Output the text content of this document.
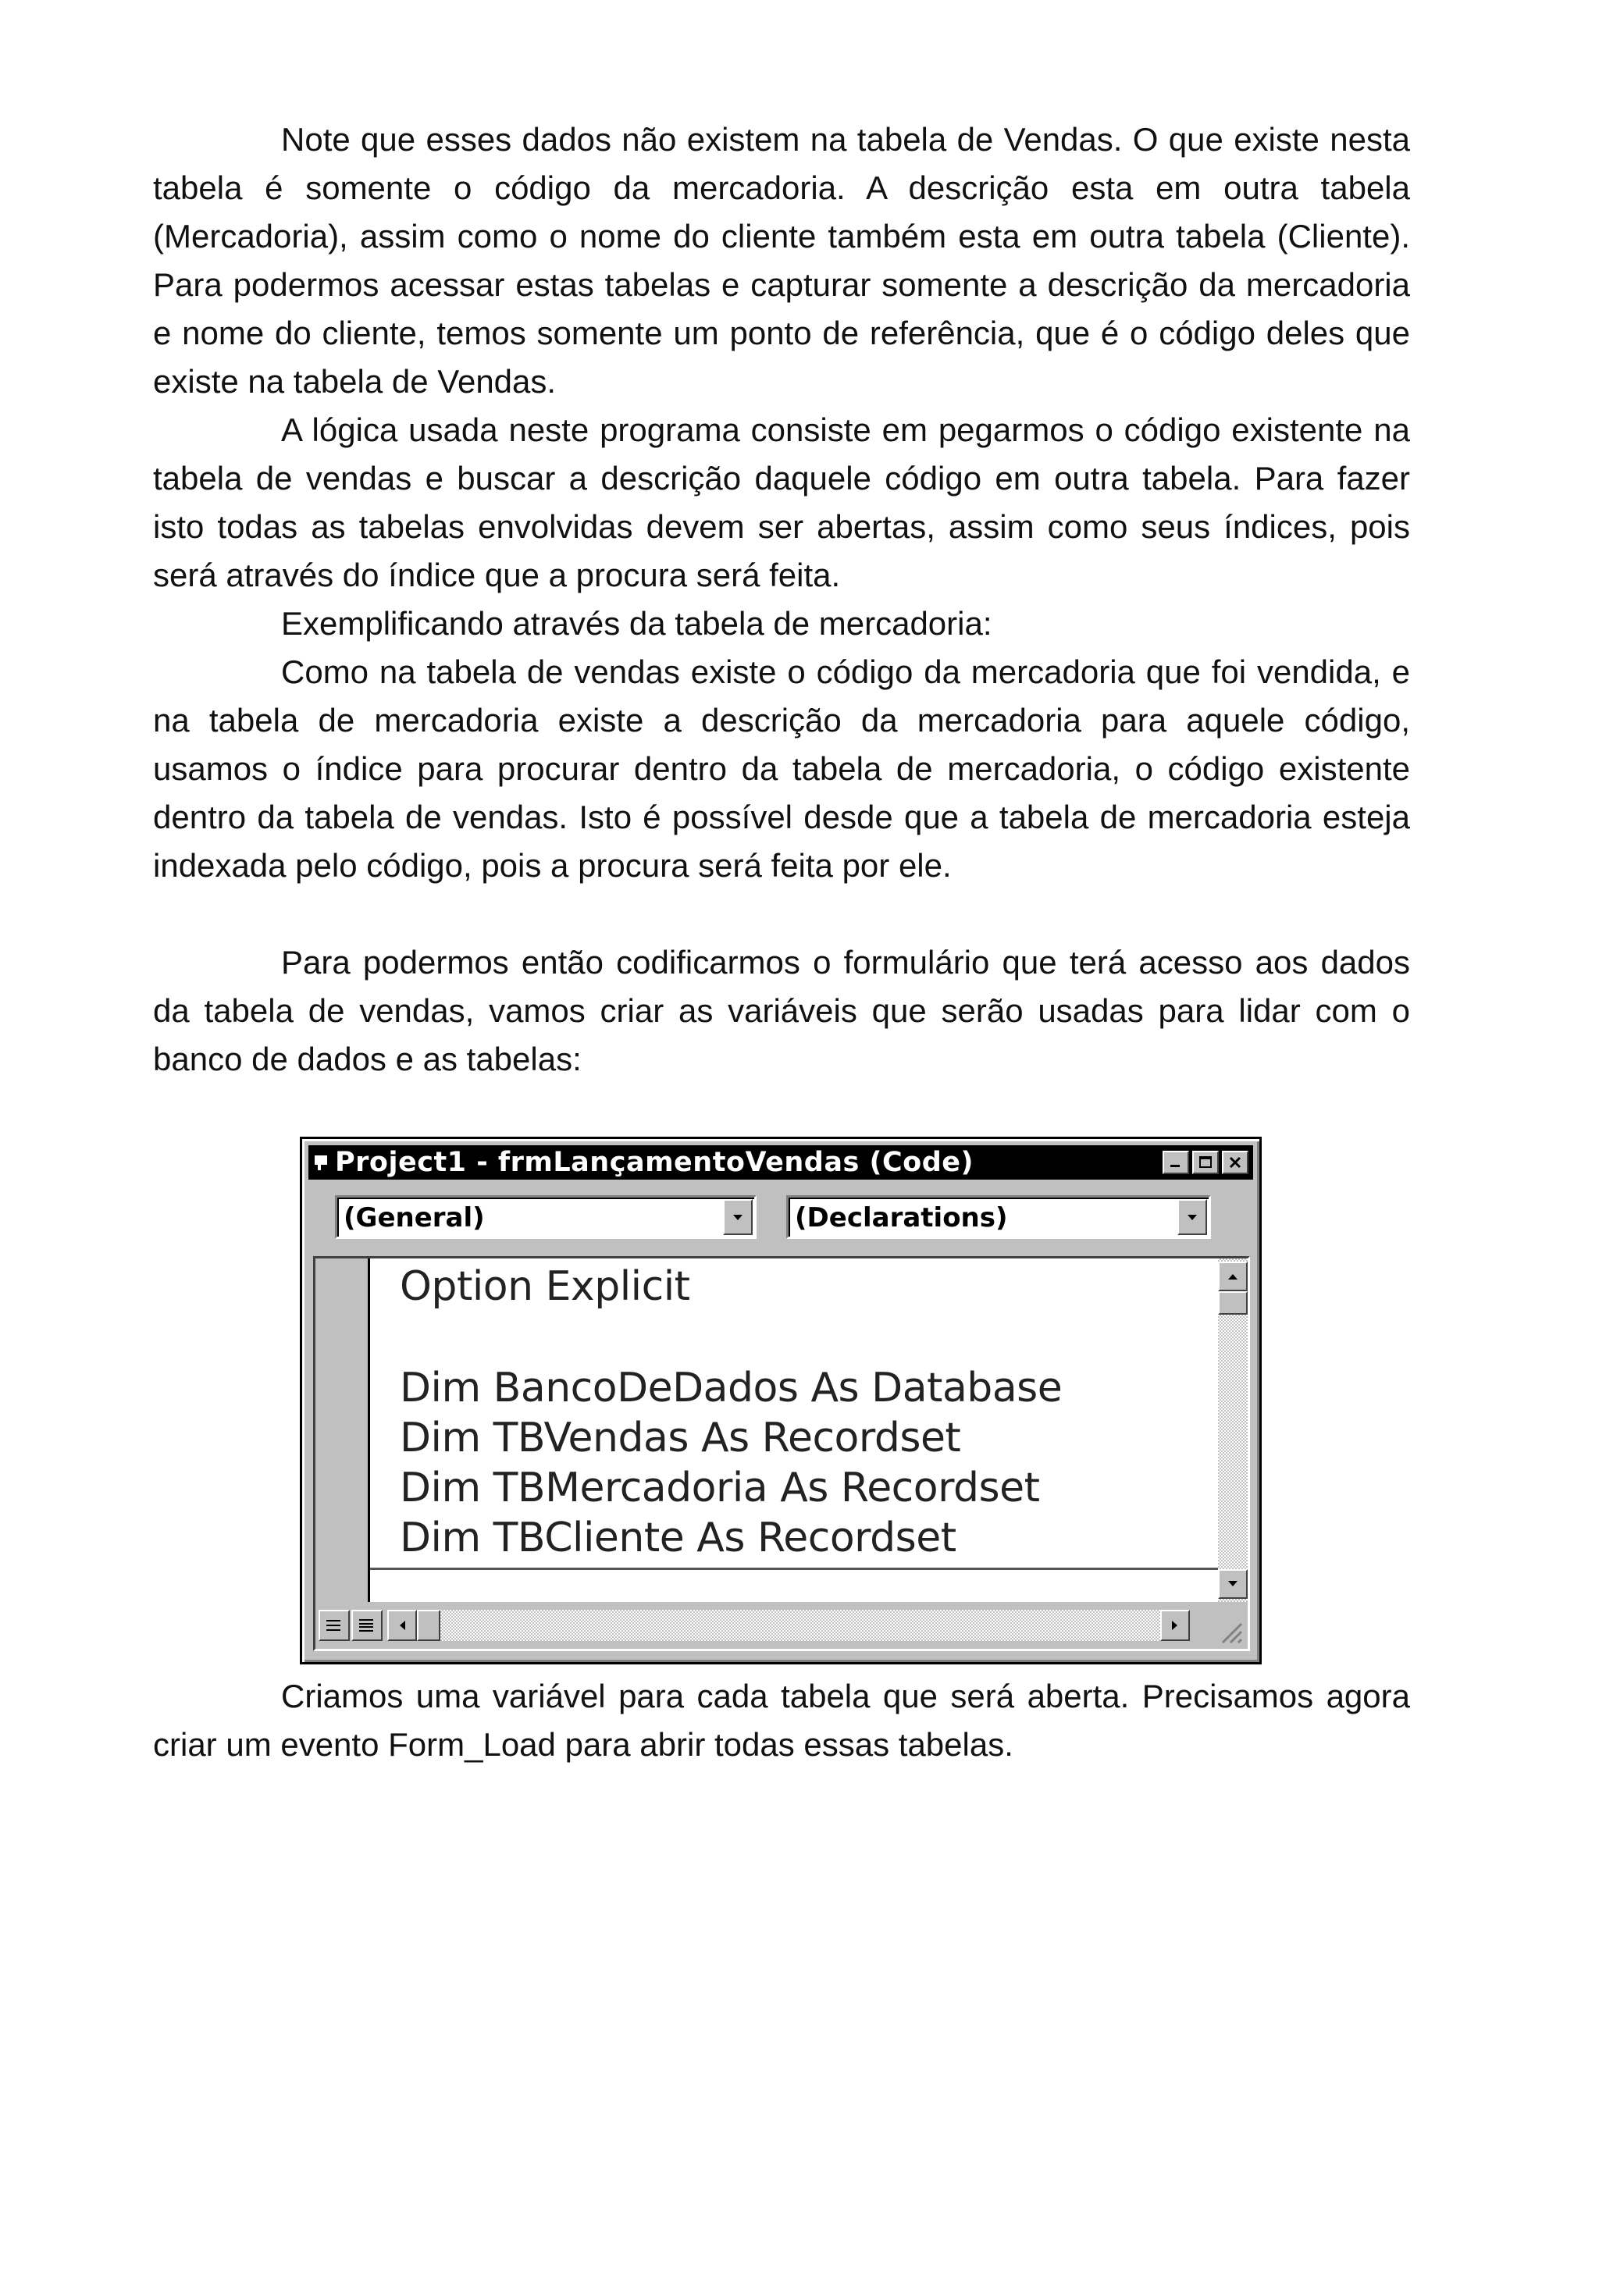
Note que esses dados não existem na tabela de Vendas. O que existe nesta tabela é somente o código da mercadoria. A descrição esta em outra tabela (Mercadoria), assim como o nome do cliente também esta em outra tabela (Cliente). Para podermos acessar estas tabelas e capturar somente a descrição da mercadoria e nome do cliente, temos somente um ponto de referência, que é o código deles que existe na tabela de Vendas.

A lógica usada neste programa consiste em pegarmos o código existente na tabela de vendas e buscar a descrição daquele código em outra tabela. Para fazer isto todas as tabelas envolvidas devem ser abertas, assim como seus índices, pois será através do índice que a procura será feita.

Exemplificando através da tabela de mercadoria:

Como na tabela de vendas existe o código da mercadoria que foi vendida, e na tabela de mercadoria existe a descrição da mercadoria para aquele código, usamos o índice para procurar dentro da tabela de mercadoria, o código existente dentro da tabela de vendas. Isto é possível desde que a tabela de mercadoria esteja indexada pelo código, pois a procura será feita por ele.

Para podermos então codificarmos o formulário que terá acesso aos dados da tabela de vendas, vamos criar as variáveis que serão usadas para lidar com o banco de dados e as tabelas:

Project1 - frmLançamentoVendas (Code)
(General)	(Declarations)
Option Explicit
Dim BancoDeDados As Database
Dim TBVendas As Recordset
Dim TBMercadoria As Recordset
Dim TBCliente As Recordset

Criamos uma variável para cada tabela que será aberta. Precisamos agora criar um evento Form_Load para abrir todas essas tabelas.
